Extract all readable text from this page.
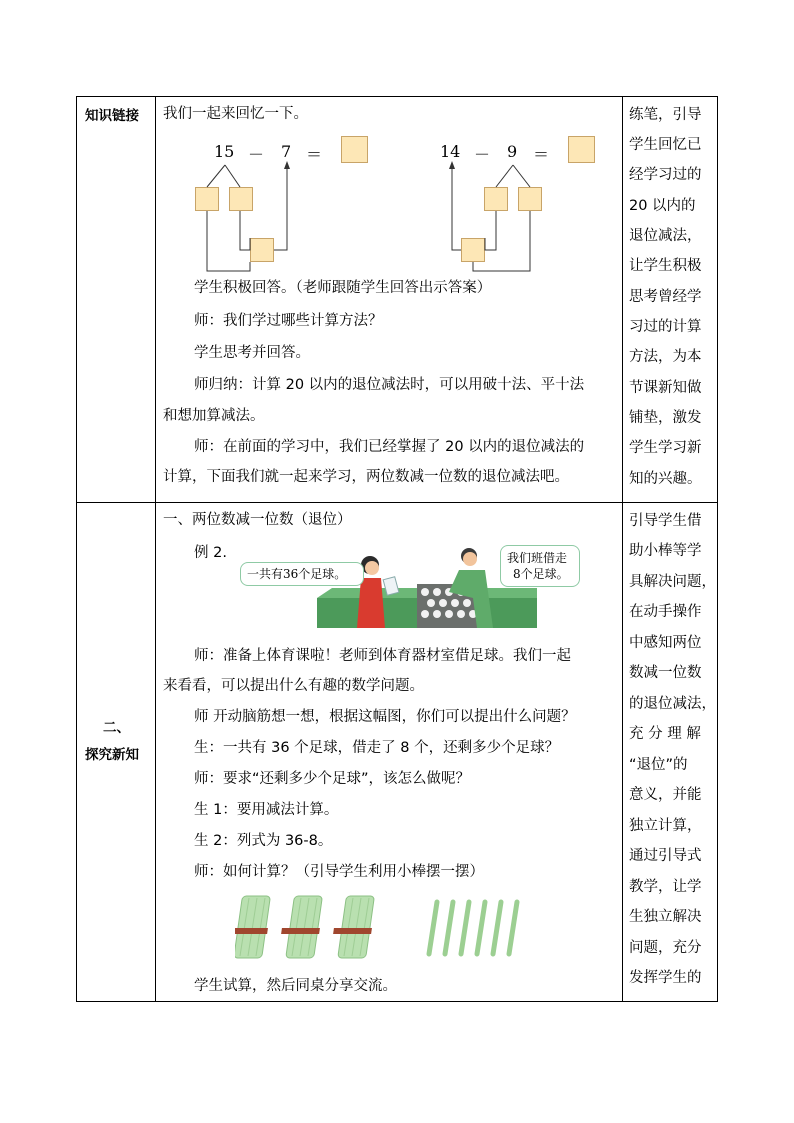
知识链接 我们一起来回忆一下。
15 － 7 ＝	14 － 9 ＝
学生积极回答。（老师跟随学生回答出示答案）
师：我们学过哪些计算方法？
学生思考并回答。
师归纳：计算 20 以内的退位减法时，可以用破十法、平十法
和想加算减法。
师：在前面的学习中，我们已经掌握了 20 以内的退位减法的
计算，下面我们就一起来学习，两位数减一位数的退位减法吧。
练笔，引导
学生回忆已
经学习过的
20 以内的
退位减法，
让学生积极
思考曾经学
习过的计算
方法，为本
节课新知做
铺垫，激发
学生学习新
知的兴趣。
二、
探究新知
一、两位数减一位数（退位）
例 2.
一共有36个足球。
我们班借走
8个足球。
师：准备上体育课啦！老师到体育器材室借足球。我们一起
来看看，可以提出什么有趣的数学问题。
师 开动脑筋想一想，根据这幅图，你们可以提出什么问题？
生：一共有 36 个足球，借走了 8 个，还剩多少个足球？
师：要求“还剩多少个足球”，该怎么做呢？
生 1：要用减法计算。
生 2：列式为 36-8。
师：如何计算？（引导学生利用小棒摆一摆）
学生试算，然后同桌分享交流。
引导学生借
助小棒等学
具解决问题，
在动手操作
中感知两位
数减一位数
的退位减法，
充 分 理 解
“退位”的
意义，并能
独立计算，
通过引导式
教学，让学
生独立解决
问题，充分
发挥学生的
